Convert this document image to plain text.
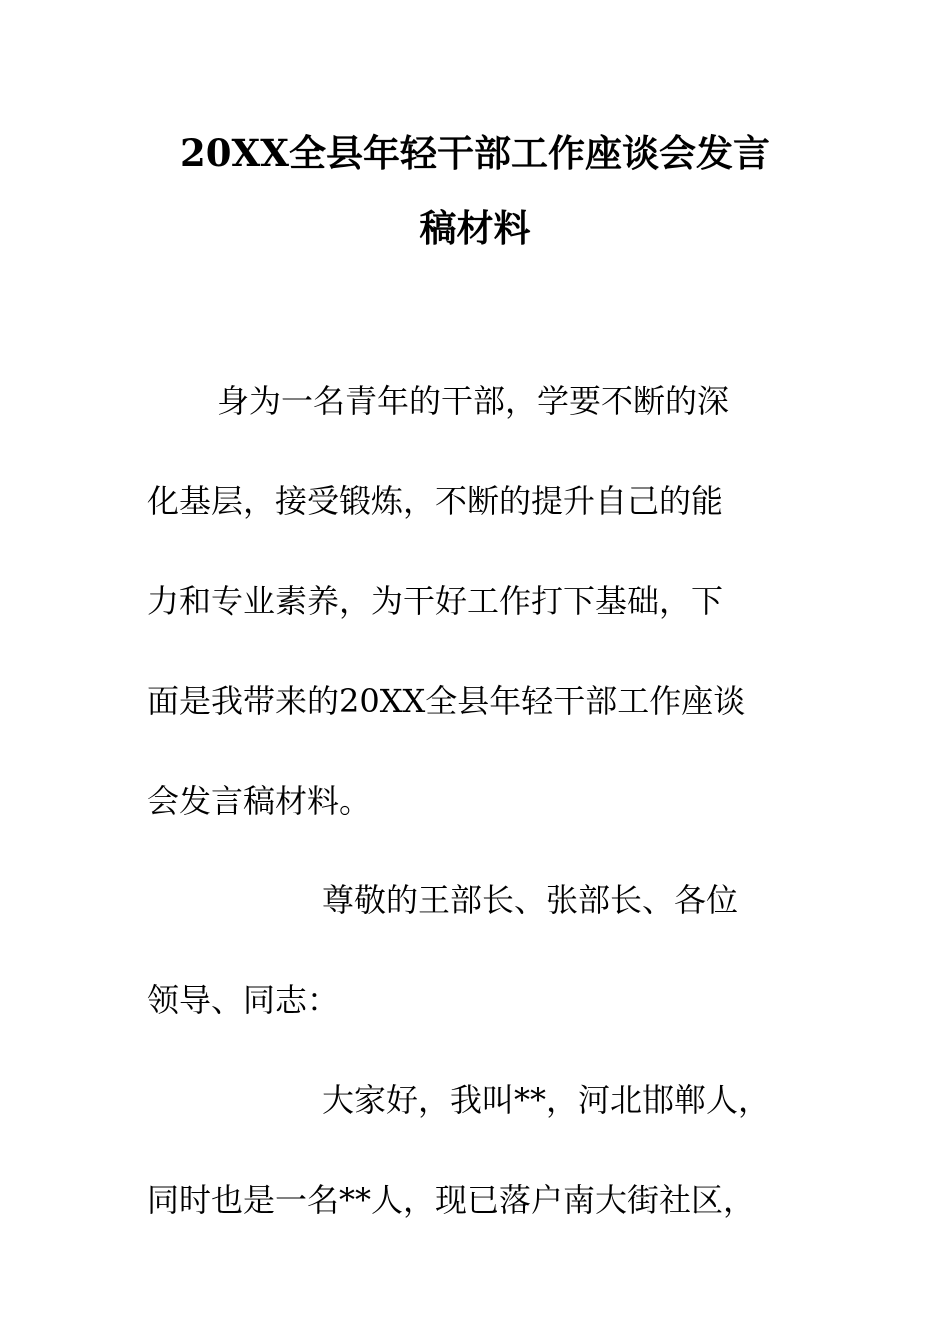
20XX全县年轻干部工作座谈会发言
稿材料
身为一名青年的干部，学要不断的深
化基层，接受锻炼，不断的提升自己的能
力和专业素养，为干好工作打下基础，下
面是我带来的20XX全县年轻干部工作座谈
会发言稿材料。
尊敬的王部长、张部长、各位
领导、同志：
大家好，我叫**，河北邯郸人，
同时也是一名**人，现已落户南大街社区，
